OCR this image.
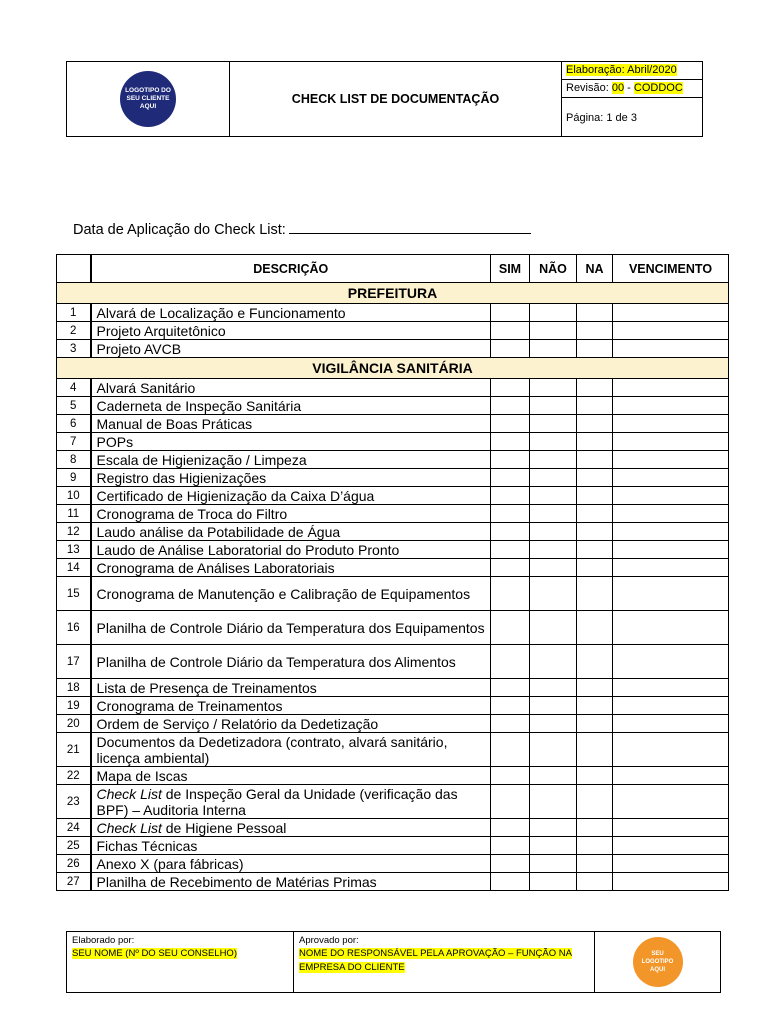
LOGOTIPO DO SEU CLIENTE AQUI
CHECK LIST DE DOCUMENTAÇÃO
Elaboração: Abril/2020
Revisão: 00 - CODDOC
Página: 1 de 3
Data de Aplicação do Check List:
	DESCRIÇÃO	SIM	NÃO	NA	VENCIMENTO
PREFEITURA					
1	Alvará de Localização e Funcionamento				
2	Projeto Arquitetônico				
3	Projeto AVCB				
VIGILÂNCIA SANITÁRIA					
4	Alvará Sanitário				
5	Caderneta de Inspeção Sanitária				
6	Manual de Boas Práticas				
7	POPs				
8	Escala de Higienização / Limpeza				
9	Registro das Higienizações				
10	Certificado de Higienização da Caixa D’água				
11	Cronograma de Troca do Filtro				
12	Laudo análise da Potabilidade de Água				
13	Laudo de Análise Laboratorial do Produto Pronto				
14	Cronograma de Análises Laboratoriais				
15	Cronograma de Manutenção e Calibração de Equipamentos				
16	Planilha de Controle Diário da Temperatura dos Equipamentos				
17	Planilha de Controle Diário da Temperatura dos Alimentos				
18	Lista de Presença de Treinamentos				
19	Cronograma de Treinamentos				
20	Ordem de Serviço / Relatório da Dedetização				
21	Documentos da Dedetizadora (contrato, alvará sanitário, licença ambiental)				
22	Mapa de Iscas				
23	Check List de Inspeção Geral da Unidade (verificação das BPF) – Auditoria Interna				
24	Check List de Higiene Pessoal				
25	Fichas Técnicas				
26	Anexo X (para fábricas)				
27	Planilha de Recebimento de Matérias Primas				
Elaborado por:
SEU NOME (Nº DO SEU CONSELHO)
Aprovado por:
NOME DO RESPONSÁVEL PELA APROVAÇÃO – FUNÇÃO NA EMPRESA DO CLIENTE
SEU LOGOTIPO AQUI
